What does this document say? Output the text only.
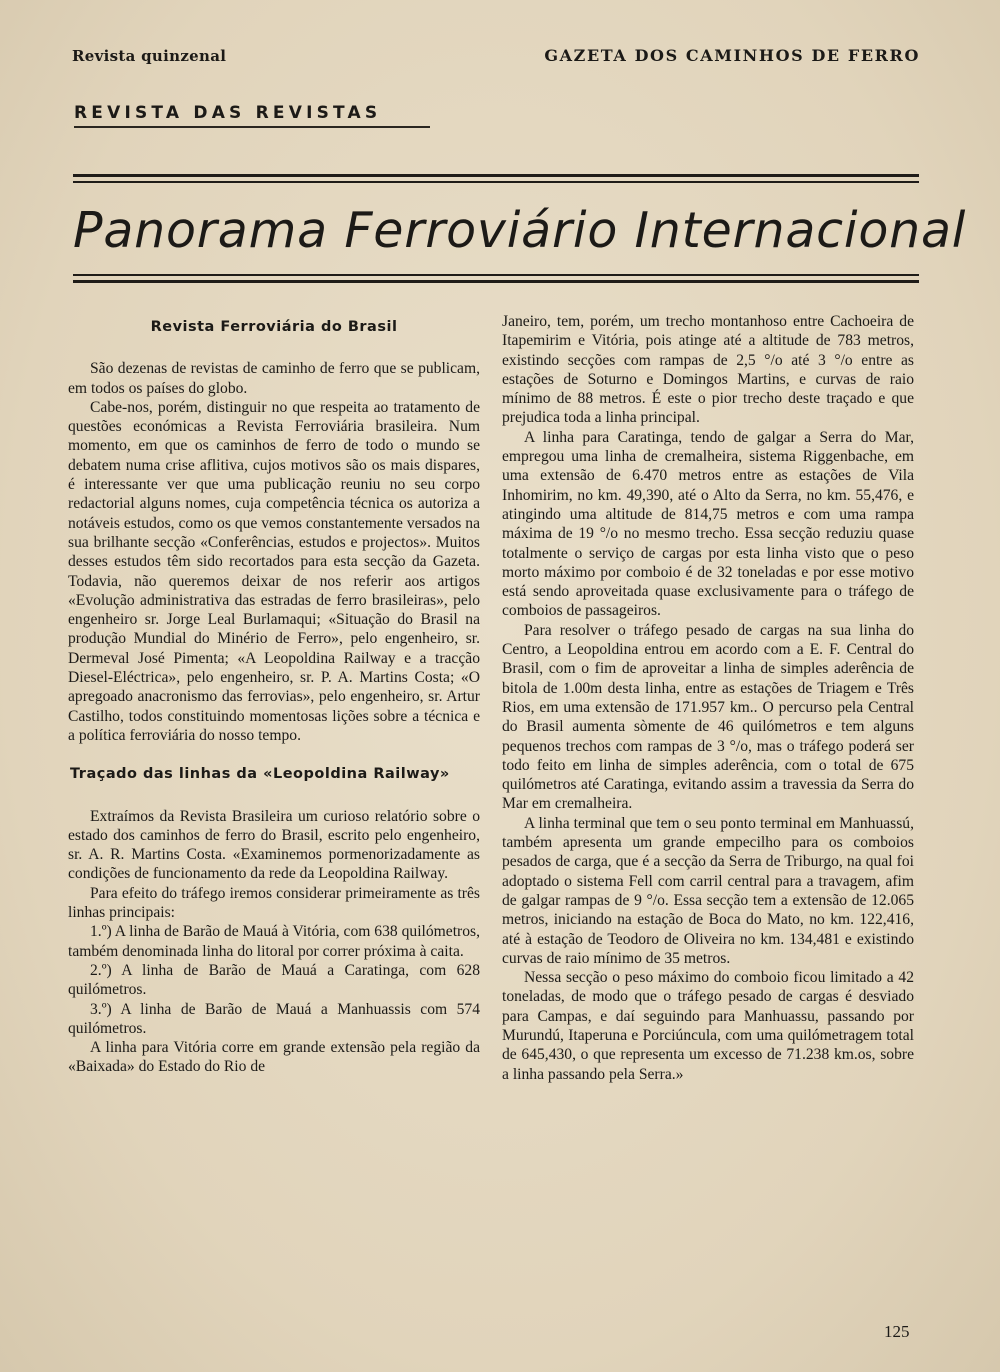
Revista quinzenal	GAZETA DOS CAMINHOS DE FERRO
REVISTA DAS REVISTAS
Panorama Ferroviário Internacional
Revista Ferroviária do Brasil

São dezenas de revistas de caminho de ferro que se publicam, em todos os países do globo.

Cabe-nos, porém, distinguir no que respeita ao tratamento de questões económicas a Revista Ferroviária brasileira. Num momento, em que os caminhos de ferro de todo o mundo se debatem numa crise aflitiva, cujos motivos são os mais dispares, é interessante ver que uma publicação reuniu no seu corpo redactorial alguns nomes, cuja competência técnica os autoriza a notáveis estudos, como os que vemos constantemente versados na sua brilhante secção «Conferências, estudos e projectos». Muitos desses estudos têm sido recortados para esta secção da Gazeta. Todavia, não queremos deixar de nos referir aos artigos «Evolução administrativa das estradas de ferro brasileiras», pelo engenheiro sr. Jorge Leal Burlamaqui; «Situação do Brasil na produção Mundial do Minério de Ferro», pelo engenheiro, sr. Dermeval José Pimenta; «A Leopoldina Railway e a tracção Diesel-Eléctrica», pelo engenheiro, sr. P. A. Martins Costa; «O apregoado anacronismo das ferrovias», pelo engenheiro, sr. Artur Castilho, todos constituindo momentosas lições sobre a técnica e a política ferroviária do nosso tempo.

Traçado das linhas da «Leopoldina Railway»

Extraímos da Revista Brasileira um curioso relatório sobre o estado dos caminhos de ferro do Brasil, escrito pelo engenheiro, sr. A. R. Martins Costa. «Examinemos pormenorizadamente as condições de funcionamento da rede da Leopoldina Railway.

Para efeito do tráfego iremos considerar primeiramente as três linhas principais:

1.º) A linha de Barão de Mauá à Vitória, com 638 quilómetros, também denominada linha do litoral por correr próxima à caita.

2.º) A linha de Barão de Mauá a Caratinga, com 628 quilómetros.

3.º) A linha de Barão de Mauá a Manhuassis com 574 quilómetros.

A linha para Vitória corre em grande extensão pela região da «Baixada» do Estado do Rio de

Janeiro, tem, porém, um trecho montanhoso entre Cachoeira de Itapemirim e Vitória, pois atinge até a altitude de 783 metros, existindo secções com rampas de 2,5 °/o até 3 °/o entre as estações de Soturno e Domingos Martins, e curvas de raio mínimo de 88 metros. É este o pior trecho deste traçado e que prejudica toda a linha principal.

A linha para Caratinga, tendo de galgar a Serra do Mar, empregou uma linha de cremalheira, sistema Riggenbache, em uma extensão de 6.470 metros entre as estações de Vila Inhomirim, no km. 49,390, até o Alto da Serra, no km. 55,476, e atingindo uma altitude de 814,75 metros e com uma rampa máxima de 19 °/o no mesmo trecho. Essa secção reduziu quase totalmente o serviço de cargas por esta linha visto que o peso morto máximo por comboio é de 32 toneladas e por esse motivo está sendo aproveitada quase exclusivamente para o tráfego de comboios de passageiros.

Para resolver o tráfego pesado de cargas na sua linha do Centro, a Leopoldina entrou em acordo com a E. F. Central do Brasil, com o fim de aproveitar a linha de simples aderência de bitola de 1.00m desta linha, entre as estações de Triagem e Três Rios, em uma extensão de 171.957 km.. O percurso pela Central do Brasil aumenta sòmente de 46 quilómetros e tem alguns pequenos trechos com rampas de 3 °/o, mas o tráfego poderá ser todo feito em linha de simples aderência, com o total de 675 quilómetros até Caratinga, evitando assim a travessia da Serra do Mar em cremalheira.

A linha terminal que tem o seu ponto terminal em Manhuassú, também apresenta um grande empecilho para os comboios pesados de carga, que é a secção da Serra de Triburgo, na qual foi adoptado o sistema Fell com carril central para a travagem, afim de galgar rampas de 9 °/o. Essa secção tem a extensão de 12.065 metros, iniciando na estação de Boca do Mato, no km. 122,416, até à estação de Teodoro de Oliveira no km. 134,481 e existindo curvas de raio mínimo de 35 metros.

Nessa secção o peso máximo do comboio ficou limitado a 42 toneladas, de modo que o tráfego pesado de cargas é desviado para Campas, e daí seguindo para Manhuassu, passando por Murundú, Itaperuna e Porciúncula, com uma quilómetragem total de 645,430, o que representa um excesso de 71.238 km.os, sobre a linha passando pela Serra.»

125
